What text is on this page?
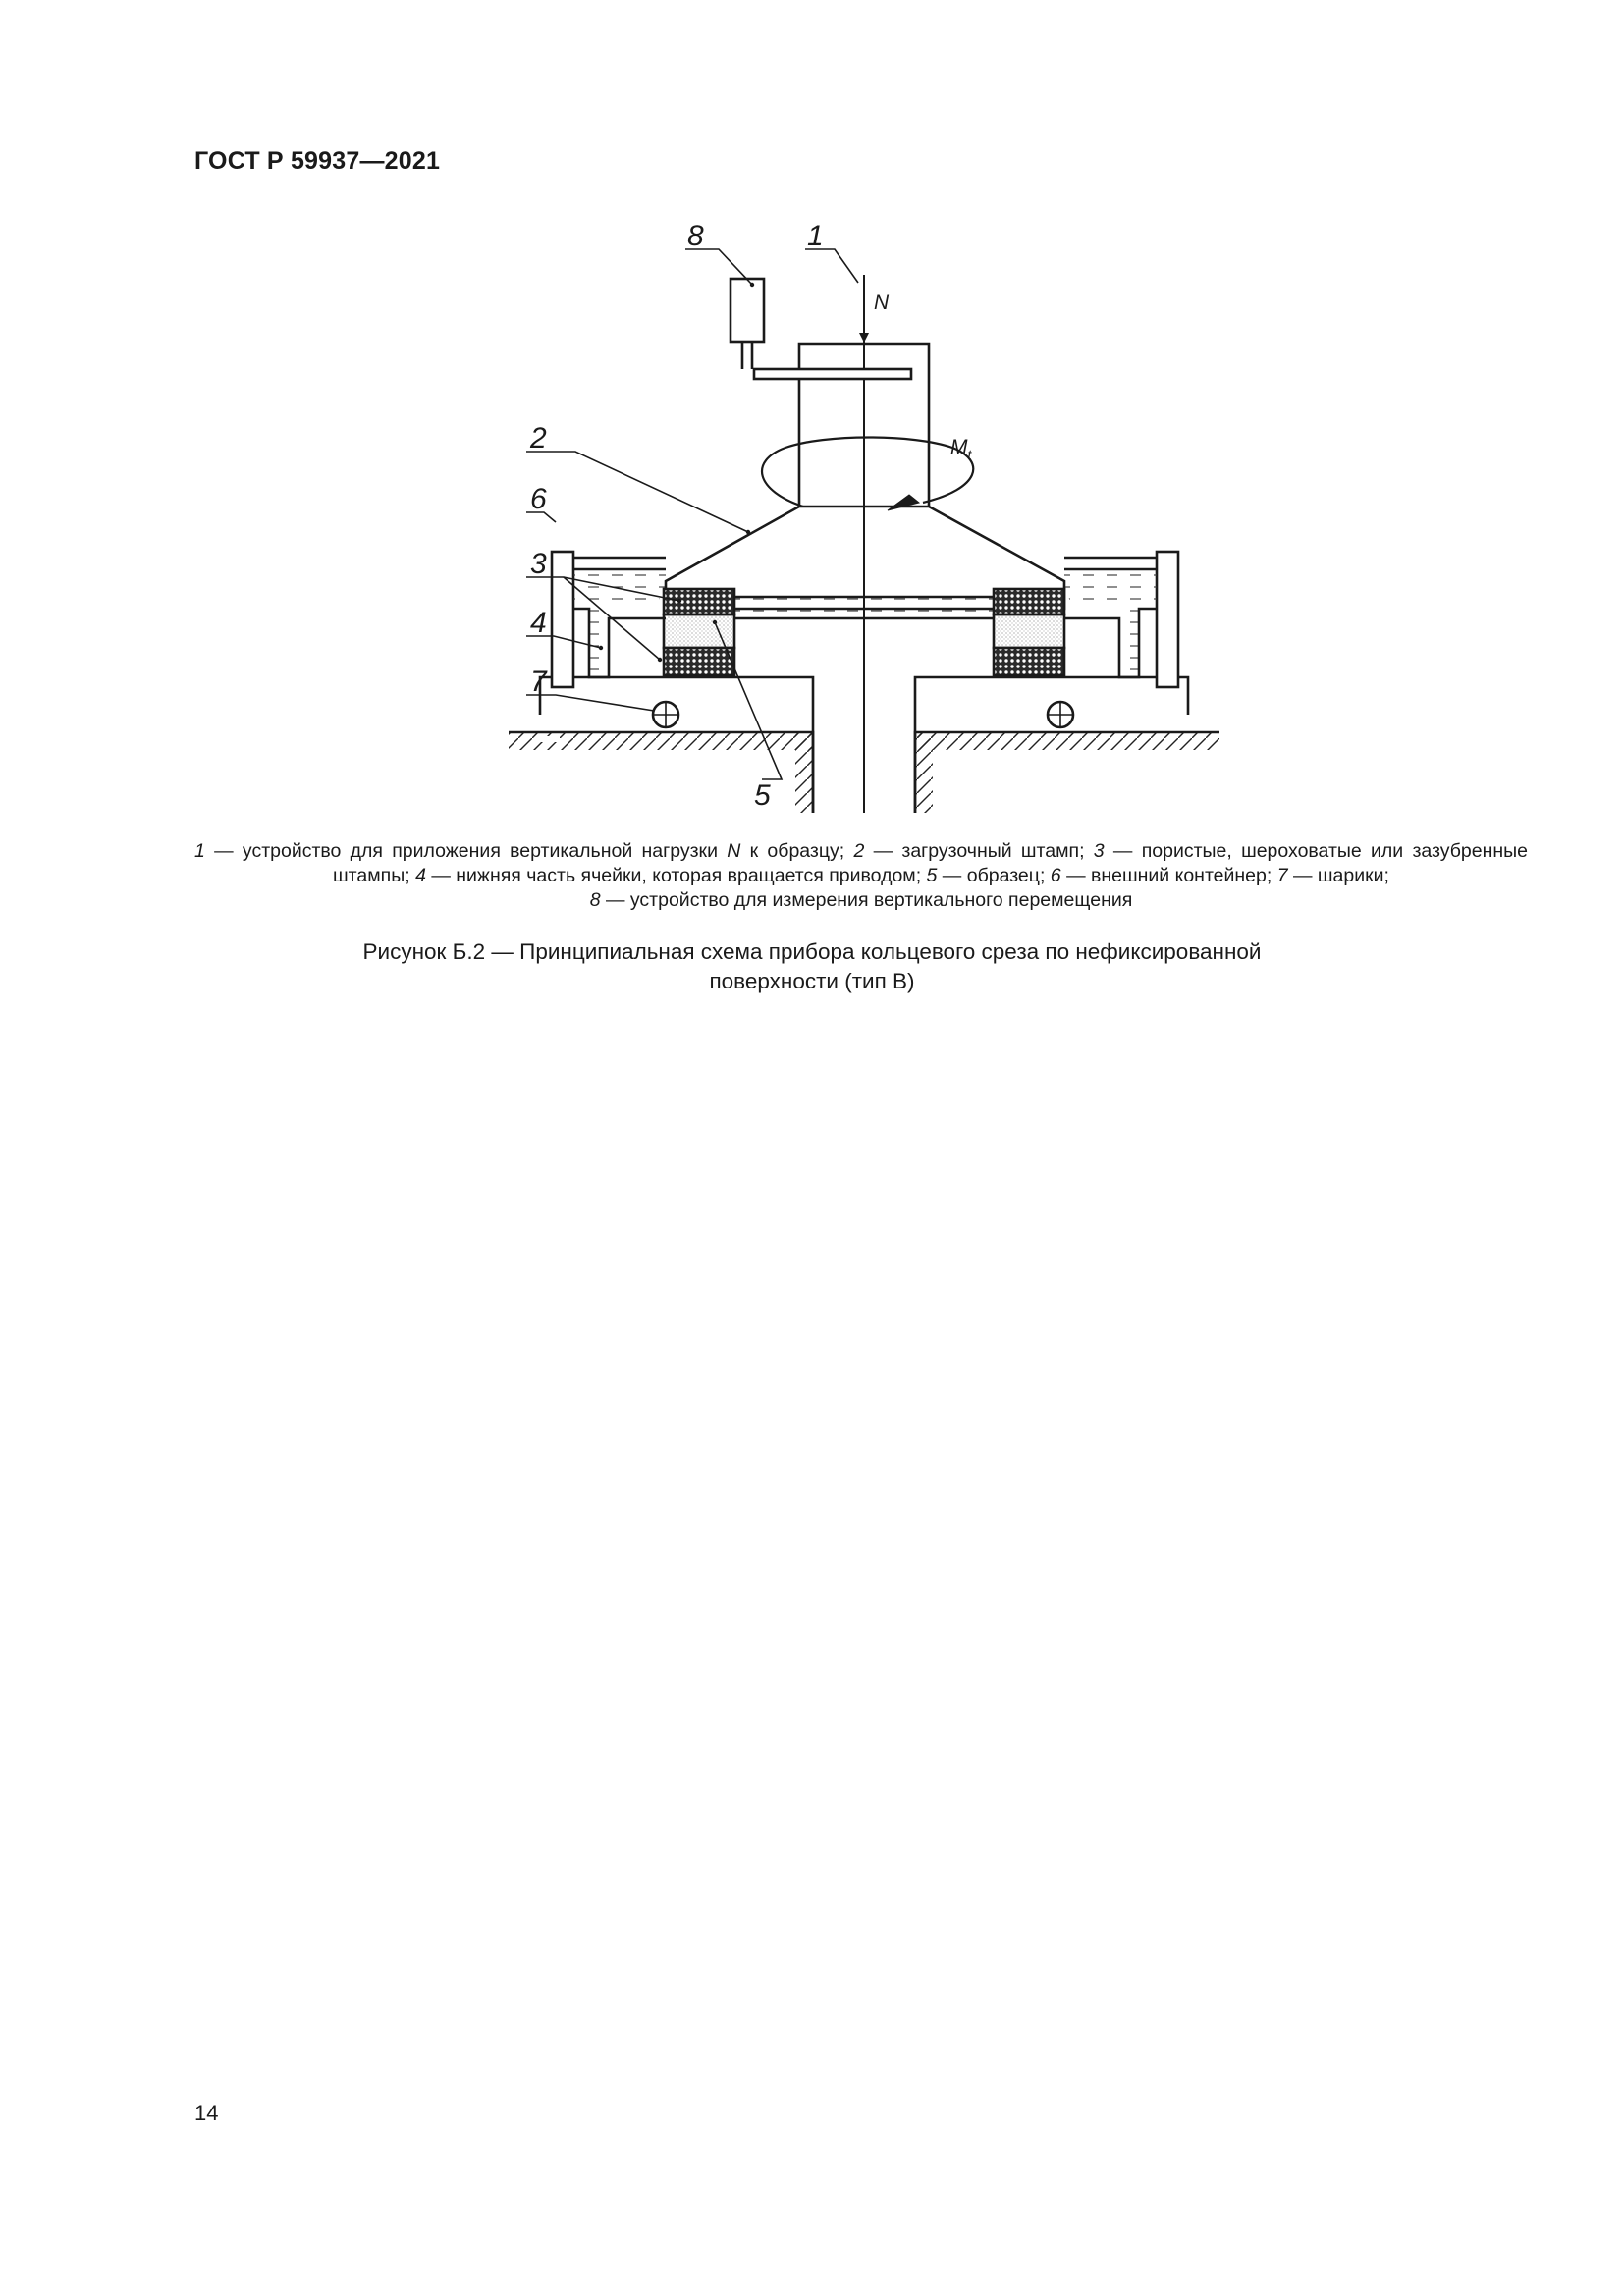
ГОСТ Р 59937—2021
8	1
2
6
3
4
7
5
N
$M_t$
1 — устройство для приложения вертикальной нагрузки N к образцу; 2 — загрузочный штамп; 3 — пористые, шероховатые или зазубренные штампы; 4 — нижняя часть ячейки, которая вращается приводом; 5 — образец; 6 — внешний контейнер; 7 — шарики;
8 — устройство для измерения вертикального перемещения
Рисунок Б.2 — Принципиальная схема прибора кольцевого среза по нефиксированной
поверхности (тип В)
14
